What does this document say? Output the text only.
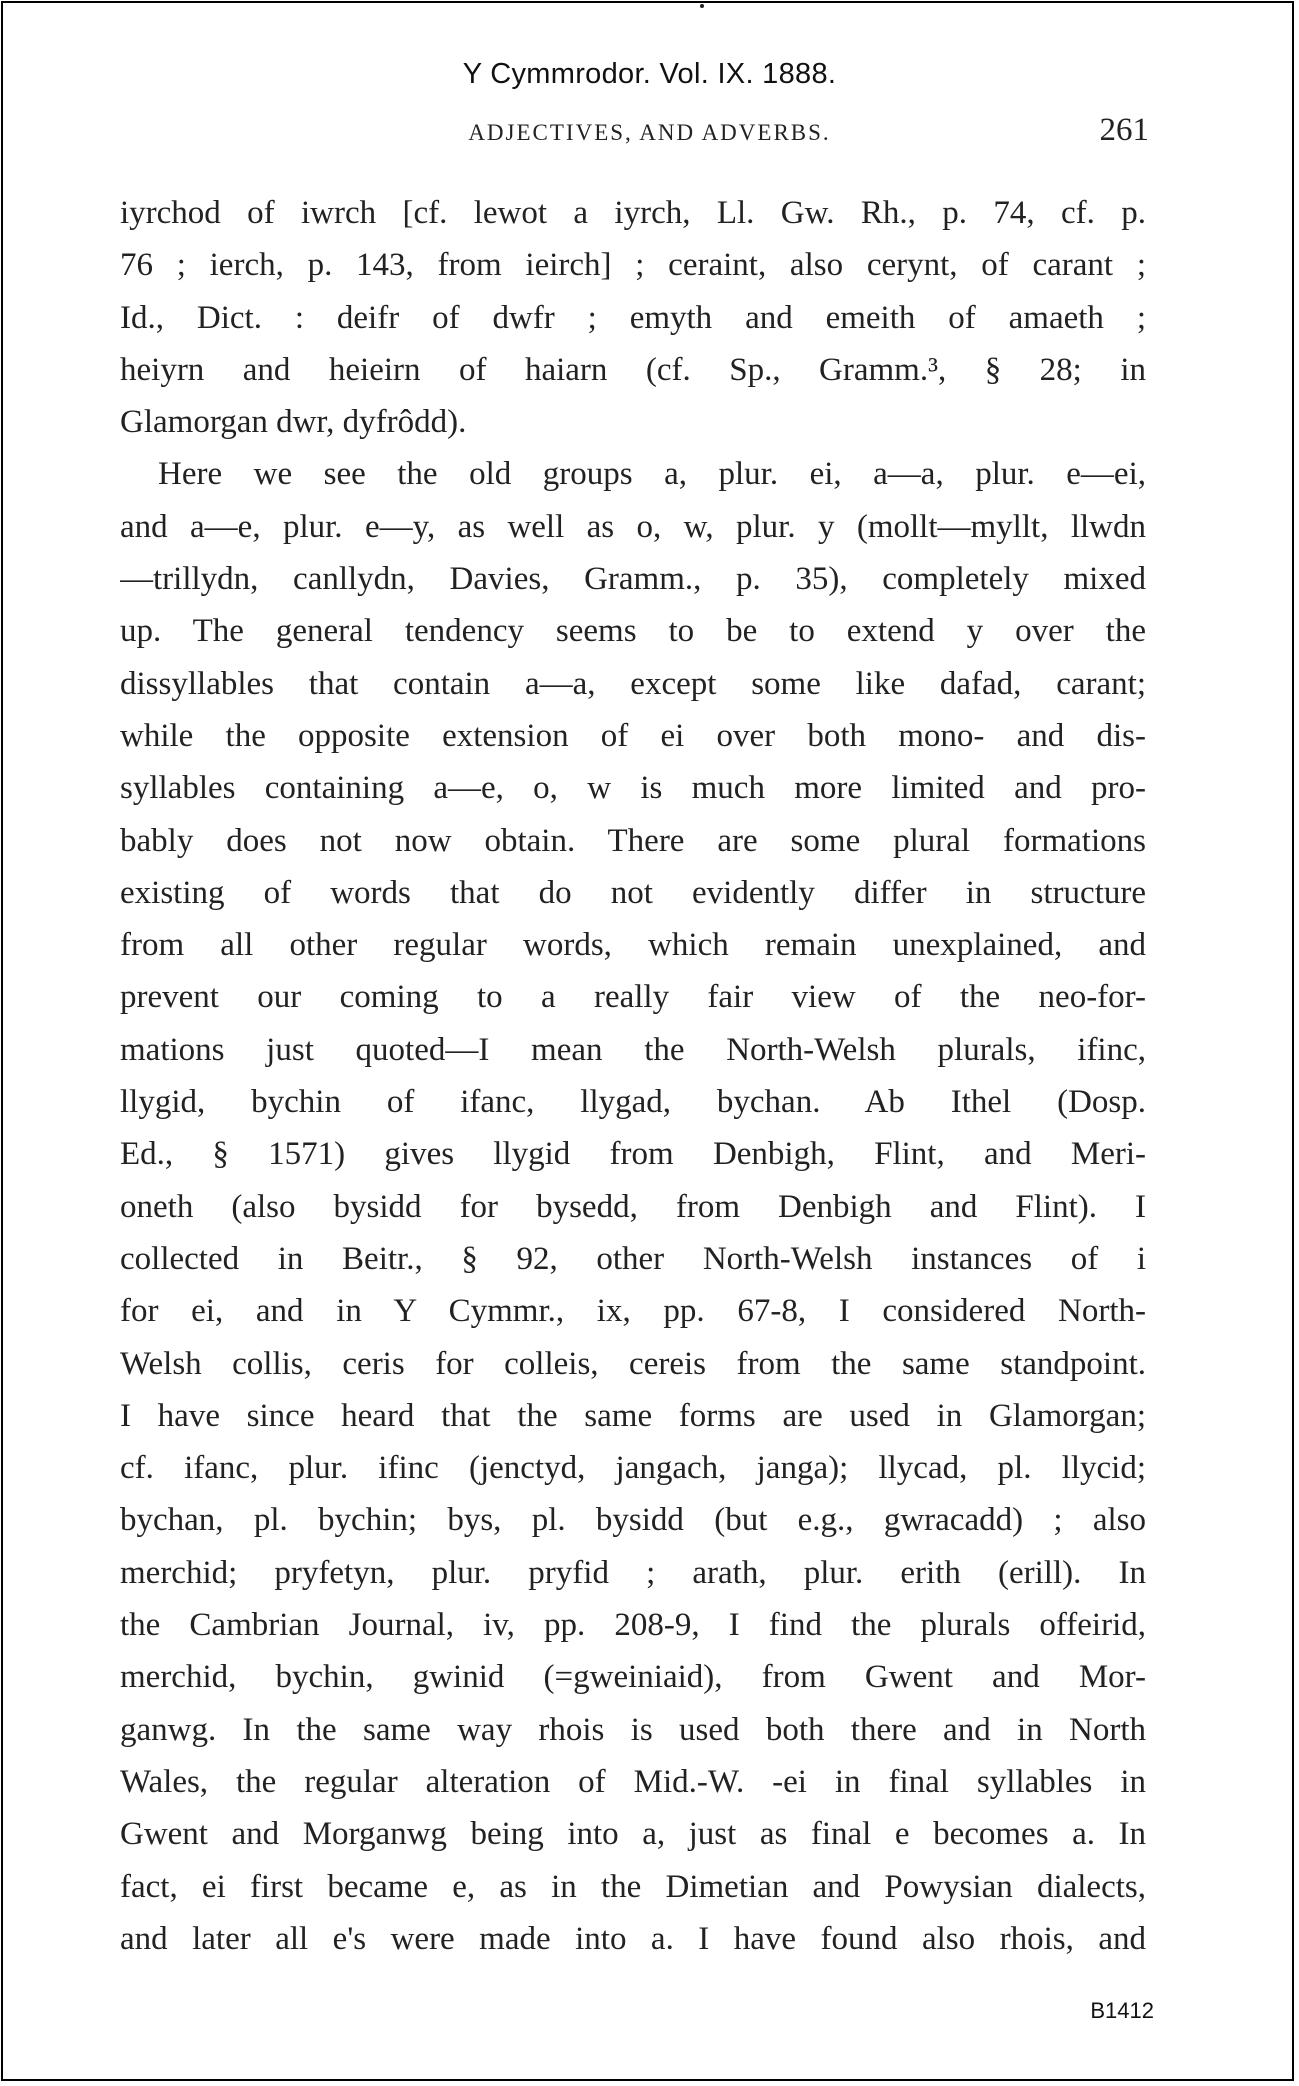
Y Cymmrodor. Vol. IX. 1888.
ADJECTIVES, AND ADVERBS.	261
iyrchod of iwrch [cf. lewot a iyrch, Ll. Gw. Rh., p. 74, cf. p.
76 ; ierch, p. 143, from ieirch] ; ceraint, also cerynt, of carant ;
Id., Dict. : deifr of dwfr ; emyth and emeith of amaeth ;
heiyrn and heieirn of haiarn (cf. Sp., Gramm.³, § 28; in
Glamorgan dwr, dyfrôdd).
Here we see the old groups a, plur. ei, a—a, plur. e—ei,
and a—e, plur. e—y, as well as o, w, plur. y (mollt—myllt, llwdn
—trillydn, canllydn, Davies, Gramm., p. 35), completely mixed
up. The general tendency seems to be to extend y over the
dissyllables that contain a—a, except some like dafad, carant;
while the opposite extension of ei over both mono- and dis-
syllables containing a—e, o, w is much more limited and pro-
bably does not now obtain. There are some plural formations
existing of words that do not evidently differ in structure
from all other regular words, which remain unexplained, and
prevent our coming to a really fair view of the neo-for-
mations just quoted—I mean the North-Welsh plurals, ifinc,
llygid, bychin of ifanc, llygad, bychan. Ab Ithel (Dosp.
Ed., § 1571) gives llygid from Denbigh, Flint, and Meri-
oneth (also bysidd for bysedd, from Denbigh and Flint). I
collected in Beitr., § 92, other North-Welsh instances of i
for ei, and in Y Cymmr., ix, pp. 67-8, I considered North-
Welsh collis, ceris for colleis, cereis from the same standpoint.
I have since heard that the same forms are used in Glamorgan;
cf. ifanc, plur. ifinc (jenctyd, jangach, janga); llycad, pl. llycid;
bychan, pl. bychin; bys, pl. bysidd (but e.g., gwracadd) ; also
merchid; pryfetyn, plur. pryfid ; arath, plur. erith (erill). In
the Cambrian Journal, iv, pp. 208-9, I find the plurals offeirid,
merchid, bychin, gwinid (=gweiniaid), from Gwent and Mor-
ganwg. In the same way rhois is used both there and in North
Wales, the regular alteration of Mid.-W. -ei in final syllables in
Gwent and Morganwg being into a, just as final e becomes a. In
fact, ei first became e, as in the Dimetian and Powysian dialects,
and later all e's were made into a. I have found also rhois, and
B1412
